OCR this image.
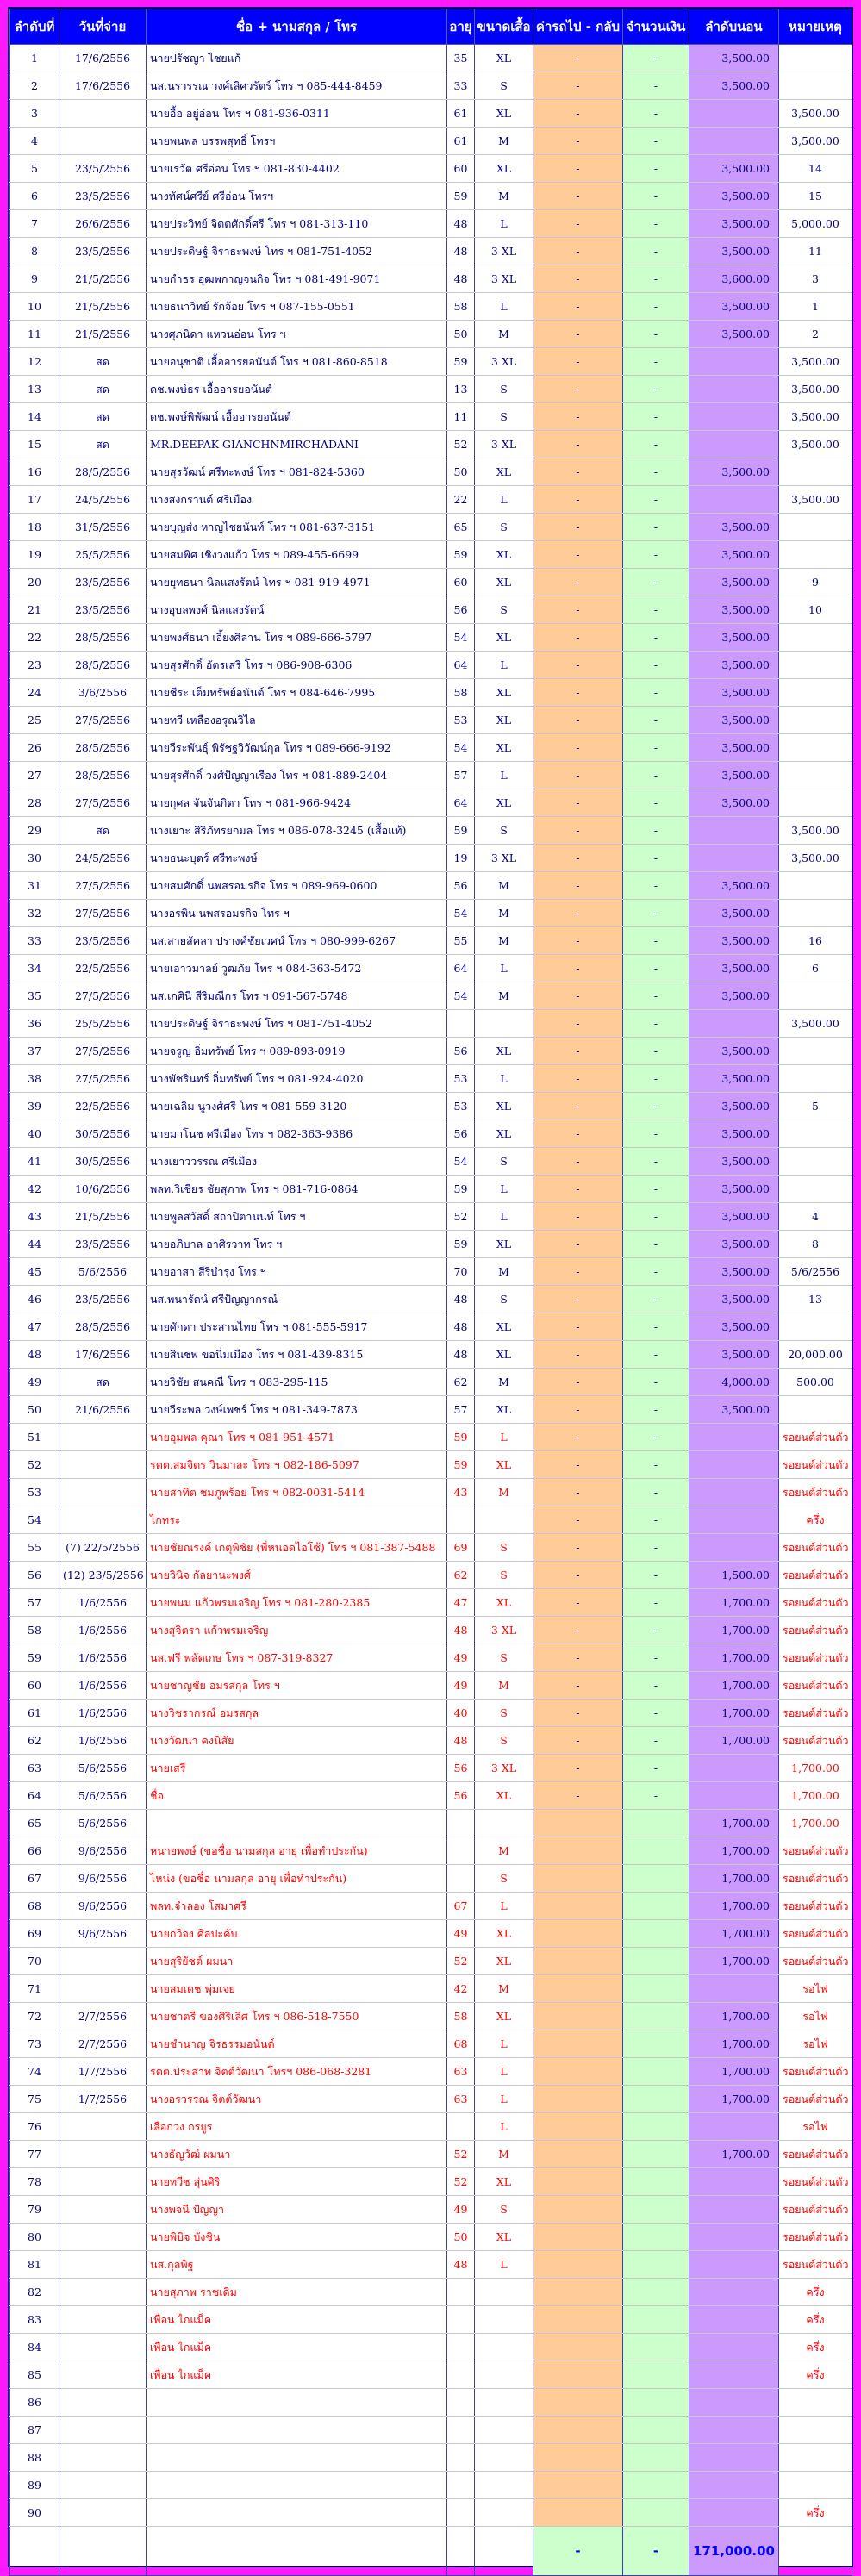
ลำดับที่	วันที่จ่าย	ชื่อ + นามสกุล / โทร	อายุ	ขนาดเสื้อ	ค่ารถไป - กลับ	จำนวนเงิน	ลำดับนอน	หมายเหตุ
1	17/6/2556	นายปรัชญา ไชยแก้	35	XL	-	-	3,500.00	
2	17/6/2556	นส.นรวรรณ วงศ์เลิศวรัตร์ โทร ฯ 085-444-8459	33	S	-	-	3,500.00	
3		นายอื้อ อยู่อ่อน โทร ฯ 081-936-0311	61	XL	-	-		3,500.00
4		นายพนพล บรรพสุทธิ์ โทรฯ	61	M	-	-		3,500.00
5	23/5/2556	นายเรวัต ศรีอ่อน โทร ฯ 081-830-4402	60	XL	-	-	3,500.00	14
6	23/5/2556	นางทัศน์ศรีย์ ศรีอ่อน โทรฯ	59	M	-	-	3,500.00	15
7	26/6/2556	นายประวิทย์ จิตตศักดิ์ศรี โทร ฯ 081-313-110	48	L	-	-	3,500.00	5,000.00
8	23/5/2556	นายประดิษฐ์ จิราธะพงษ์ โทร ฯ 081-751-4052	48	3 XL	-	-	3,500.00	11
9	21/5/2556	นายกำธร อุฒพกาญจนกิจ โทร ฯ 081-491-9071	48	3 XL	-	-	3,600.00	3
10	21/5/2556	นายธนาวิทย์ รักจ้อย โทร ฯ 087-155-0551	58	L	-	-	3,500.00	1
11	21/5/2556	นางศุภนิดา แหวนอ่อน โทร ฯ	50	M	-	-	3,500.00	2
12	สด	นายอนุชาติ เอื้ออารยอนันต์ โทร ฯ 081-860-8518	59	3 XL	-	-		3,500.00
13	สด	ดช.พงษ์ธร เอื้ออารยอนันต์	13	S	-	-		3,500.00
14	สด	ดช.พงษ์พิพัฒน์ เอื้ออารยอนันต์	11	S	-	-		3,500.00
15	สด	MR.DEEPAK GIANCHNMIRCHADANI	52	3 XL	-	-		3,500.00
16	28/5/2556	นายสุรวัฒน์ ศรีทะพงษ์ โทร ฯ 081-824-5360	50	XL	-	-	3,500.00	
17	24/5/2556	นางสงกรานต์ ศรีเมือง	22	L	-	-		3,500.00
18	31/5/2556	นายบุญส่ง หาญไชยนันท์ โทร ฯ 081-637-3151	65	S	-	-	3,500.00	
19	25/5/2556	นายสมพิศ เชิงวงแก้ว โทร ฯ 089-455-6699	59	XL	-	-	3,500.00	
20	23/5/2556	นายยุทธนา นิลแสงรัตน์ โทร ฯ 081-919-4971	60	XL	-	-	3,500.00	9
21	23/5/2556	นางอุบลพงศ์ นิลแสงรัตน์	56	S	-	-	3,500.00	10
22	28/5/2556	นายพงศ์ธนา เอี้ยงศิลาน โทร ฯ 089-666-5797	54	XL	-	-	3,500.00	
23	28/5/2556	นายสุรศักดิ์ อัตรเสริ โทร ฯ 086-908-6306	64	L	-	-	3,500.00	
24	3/6/2556	นายชีระ เต็มทรัพย์อนันต์ โทร ฯ 084-646-7995	58	XL	-	-	3,500.00	
25	27/5/2556	นายทวี เหลืองอรุณวิไล	53	XL	-	-	3,500.00	
26	28/5/2556	นายวีระพันธุ์ พิรัชฐวิวัฒน์กุล โทร ฯ 089-666-9192	54	XL	-	-	3,500.00	
27	28/5/2556	นายสุรศักดิ์ วงศ์ปัญญาเรือง โทร ฯ 081-889-2404	57	L	-	-	3,500.00	
28	27/5/2556	นายกุศล จันจันกิตา โทร ฯ 081-966-9424	64	XL	-	-	3,500.00	
29	สด	นางเยาะ สิริภัทรยกมล โทร ฯ 086-078-3245 (เสื้อแท้)	59	S	-	-		3,500.00
30	24/5/2556	นายธนะบุตร์ ศรีทะพงษ์	19	3 XL	-	-		3,500.00
31	27/5/2556	นายสมศักดิ์ นพสรอมรกิจ โทร ฯ 089-969-0600	56	M	-	-	3,500.00	
32	27/5/2556	นางอรพิน นพสรอมรกิจ โทร ฯ	54	M	-	-	3,500.00	
33	23/5/2556	นส.สายสัคลา ปรางค์ชัยเวศน์ โทร ฯ 080-999-6267	55	M	-	-	3,500.00	16
34	22/5/2556	นายเอาวมาลย์ วูฒภัย โทร ฯ 084-363-5472	64	L	-	-	3,500.00	6
35	27/5/2556	นส.เกศินี สีริมณีกร โทร ฯ 091-567-5748	54	M	-	-	3,500.00	
36	25/5/2556	นายประดิษฐ์ จิราธะพงษ์ โทร ฯ 081-751-4052			-	-		3,500.00
37	27/5/2556	นายจรูญ อิ่มทรัพย์ โทร ฯ 089-893-0919	56	XL	-	-	3,500.00	
38	27/5/2556	นางพัชรินทร์ อิ่มทรัพย์ โทร ฯ 081-924-4020	53	L	-	-	3,500.00	
39	22/5/2556	นายเฉลิม นูวงศ์ศรี โทร ฯ 081-559-3120	53	XL	-	-	3,500.00	5
40	30/5/2556	นายมาโนช ศรีเมือง โทร ฯ 082-363-9386	56	XL	-	-	3,500.00	
41	30/5/2556	นางเยาววรรณ ศรีเมือง	54	S	-	-	3,500.00	
42	10/6/2556	พลท.วิเชียร ชัยสุภาพ โทร ฯ 081-716-0864	59	L	-	-	3,500.00	
43	21/5/2556	นายพูลสวัสดิ์ สถาปิตานนท์ โทร ฯ	52	L	-	-	3,500.00	4
44	23/5/2556	นายอภิบาล อาศิรวาท โทร ฯ	59	XL	-	-	3,500.00	8
45	5/6/2556	นายอาสา สีริบำรุง โทร ฯ	70	M	-	-	3,500.00	5/6/2556
46	23/5/2556	นส.พนารัตน์ ศรีปัญญากรณ์	48	S	-	-	3,500.00	13
47	28/5/2556	นายศักดา ประสานไทย โทร ฯ 081-555-5917	48	XL	-	-	3,500.00	
48	17/6/2556	นายสินชพ ขอนิ่มเมือง โทร ฯ 081-439-8315	48	XL	-	-	3,500.00	20,000.00
49	สด	นายวิชัย สนคณี โทร ฯ 083-295-115	62	M	-	-	4,000.00	500.00
50	21/6/2556	นายวีระพล วงษ์เพชร์ โทร ฯ 081-349-7873	57	XL	-	-	3,500.00	
51		นายอุมพล คุณา โทร ฯ 081-951-4571	59	L	-	-		รอยนต์ส่วนตัว
52		รตต.สมจิตร วินมาละ โทร ฯ 082-186-5097	59	XL	-	-		รอยนต์ส่วนตัว
53		นายสาทิต ชมภูพร้อย โทร ฯ 082-0031-5414	43	M	-	-		รอยนต์ส่วนตัว
54		ไกทระ			-	-		ครึ่ง
55	(7) 22/5/2556	นายชัยณรงค์ เกตุพิชัย (พี่หนอดไอโซ้) โทร ฯ 081-387-5488	69	S	-	-		รอยนต์ส่วนตัว
56	(12) 23/5/2556	นายวินิจ กัลยานะพงศ์	62	S	-	-	1,500.00	รอยนต์ส่วนตัว
57	1/6/2556	นายพนม แก้วพรมเจริญ โทร ฯ 081-280-2385	47	XL	-	-	1,700.00	รอยนต์ส่วนตัว
58	1/6/2556	นางสุจิตรา แก้วพรมเจริญ	48	3 XL	-	-	1,700.00	รอยนต์ส่วนตัว
59	1/6/2556	นส.ฟรี พลัดเกษ โทร ฯ 087-319-8327	49	S	-	-	1,700.00	รอยนต์ส่วนตัว
60	1/6/2556	นายชาญชัย อมรสกุล โทร ฯ	49	M	-	-	1,700.00	รอยนต์ส่วนตัว
61	1/6/2556	นางวิชรากรณ์ อมรสกุล	40	S	-	-	1,700.00	รอยนต์ส่วนตัว
62	1/6/2556	นางวัฒนา คงนิสัย	48	S	-	-	1,700.00	รอยนต์ส่วนตัว
63	5/6/2556	นายเสรี	56	3 XL	-	-		1,700.00
64	5/6/2556	ชื่อ	56	XL	-	-		1,700.00
65	5/6/2556						1,700.00	1,700.00
66	9/6/2556	หนายพงษ์ (ขอชื่อ นามสกุล อายุ เพื่อทำประกัน)		M			1,700.00	รอยนต์ส่วนตัว
67	9/6/2556	ไหน่ง (ขอชื่อ นามสกุล อายุ เพื่อทำประกัน)		S			1,700.00	รอยนต์ส่วนตัว
68	9/6/2556	พลท.จำลอง โสมาศรี	67	L			1,700.00	รอยนต์ส่วนตัว
69	9/6/2556	นายกวิจง ศิลปะคับ	49	XL			1,700.00	รอยนต์ส่วนตัว
70		นายสุริยัชต์ ผมนา	52	XL			1,700.00	รอยนต์ส่วนตัว
71		นายสมเดช พุ่มเจย	42	M				รอไฟ
72	2/7/2556	นายชาตรี ของศิริเลิศ โทร ฯ 086-518-7550	58	XL			1,700.00	รอไฟ
73	2/7/2556	นายชำนาญ จิรธรรมอนันต์	68	L			1,700.00	รอไฟ
74	1/7/2556	รตต.ประสาท จิตต์วัฒนา โทรฯ 086-068-3281	63	L			1,700.00	รอยนต์ส่วนตัว
75	1/7/2556	นางอรวรรณ จิตต์วัฒนา	63	L			1,700.00	รอยนต์ส่วนตัว
76		เสือกวง กรยูร		L				รอไฟ
77		นางธัญวัฒ์ ผมนา	52	M			1,700.00	รอยนต์ส่วนตัว
78		นายทวีช สุ่นศิริ	52	XL				รอยนต์ส่วนตัว
79		นางพจนี ปัญญา	49	S				รอยนต์ส่วนตัว
80		นายพิบิจ บังชิน	50	XL				รอยนต์ส่วนตัว
81		นส.กุลพิฐ	48	L				รอยนต์ส่วนตัว
82		นายสุภาพ ราชเดิม						ครึ่ง
83		เพื่อน ไกแม็ค						ครึ่ง
84		เพื่อน ไกแม็ค						ครึ่ง
85		เพื่อน ไกแม็ค						ครึ่ง
86								
87								
88								
89								
90								ครึ่ง
					-	-	171,000.00	
